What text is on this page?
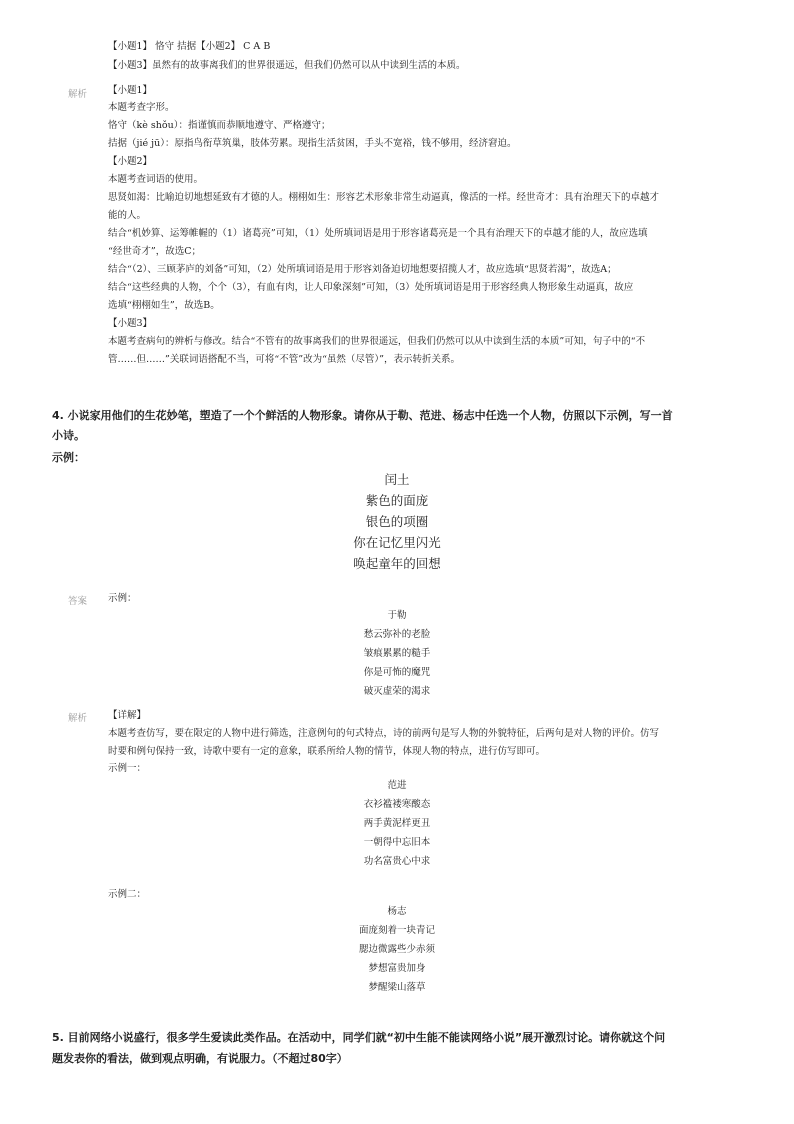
【小题1】 恪守 拮据【小题2】 C A B
【小题3】虽然有的故事离我们的世界很遥远，但我们仍然可以从中读到生活的本质。
解析 【小题1】
本题考查字形。
恪守（kè shǒu）：指谨慎而恭顺地遵守、严格遵守；
拮据（jié jū）：原指鸟衔草筑巢，肢体劳累。现指生活贫困，手头不宽裕，钱不够用，经济窘迫。
【小题2】
本题考查词语的使用。
思贤如渴：比喻迫切地想延致有才德的人。栩栩如生：形容艺术形象非常生动逼真，像活的一样。经世奇才：具有治理天下的卓越才
能的人。
结合“机妙算、运筹帷幄的（1）诸葛亮”可知，（1）处所填词语是用于形容诸葛亮是一个具有治理天下的卓越才能的人，故应选填
“经世奇才”，故选C；
结合“（2）、三顾茅庐的刘备”可知，（2）处所填词语是用于形容刘备迫切地想要招揽人才，故应选填“思贤若渴”，故选A；
结合“这些经典的人物，个个（3），有血有肉，让人印象深刻”可知，（3）处所填词语是用于形容经典人物形象生动逼真，故应
选填“栩栩如生”，故选B。
【小题3】
本题考查病句的辨析与修改。结合“不管有的故事离我们的世界很遥远，但我们仍然可以从中读到生活的本质”可知，句子中的“不
管……但……”关联词语搭配不当，可将“不管”改为“虽然（尽管）”，表示转折关系。
4. 小说家用他们的生花妙笔，塑造了一个个鲜活的人物形象。请你从于勒、范进、杨志中任选一个人物，仿照以下示例，写一首
小诗。
示例：
闰土
紫色的面庞
银色的项圈
你在记忆里闪光
唤起童年的回想
答案 示例：
于勒
愁云弥补的老脸
皱痕累累的糙手
你是可怖的魔咒
破灭虚荣的渴求
解析 【详解】
本题考查仿写，要在限定的人物中进行筛选，注意例句的句式特点，诗的前两句是写人物的外貌特征，后两句是对人物的评价。仿写
时要和例句保持一致，诗歌中要有一定的意象，联系所给人物的情节，体现人物的特点，进行仿写即可。
示例一：
范进
衣衫褴褛寒酸态
两手黄泥样更丑
一朝得中忘旧本
功名富贵心中求
示例二：
杨志
面庞刻着一块青记
腮边微露些少赤须
梦想富贵加身
梦醒梁山落草
5. 目前网络小说盛行，很多学生爱读此类作品。在活动中，同学们就“初中生能不能读网络小说”展开激烈讨论。请你就这个问
题发表你的看法，做到观点明确，有说服力。（不超过80字）
